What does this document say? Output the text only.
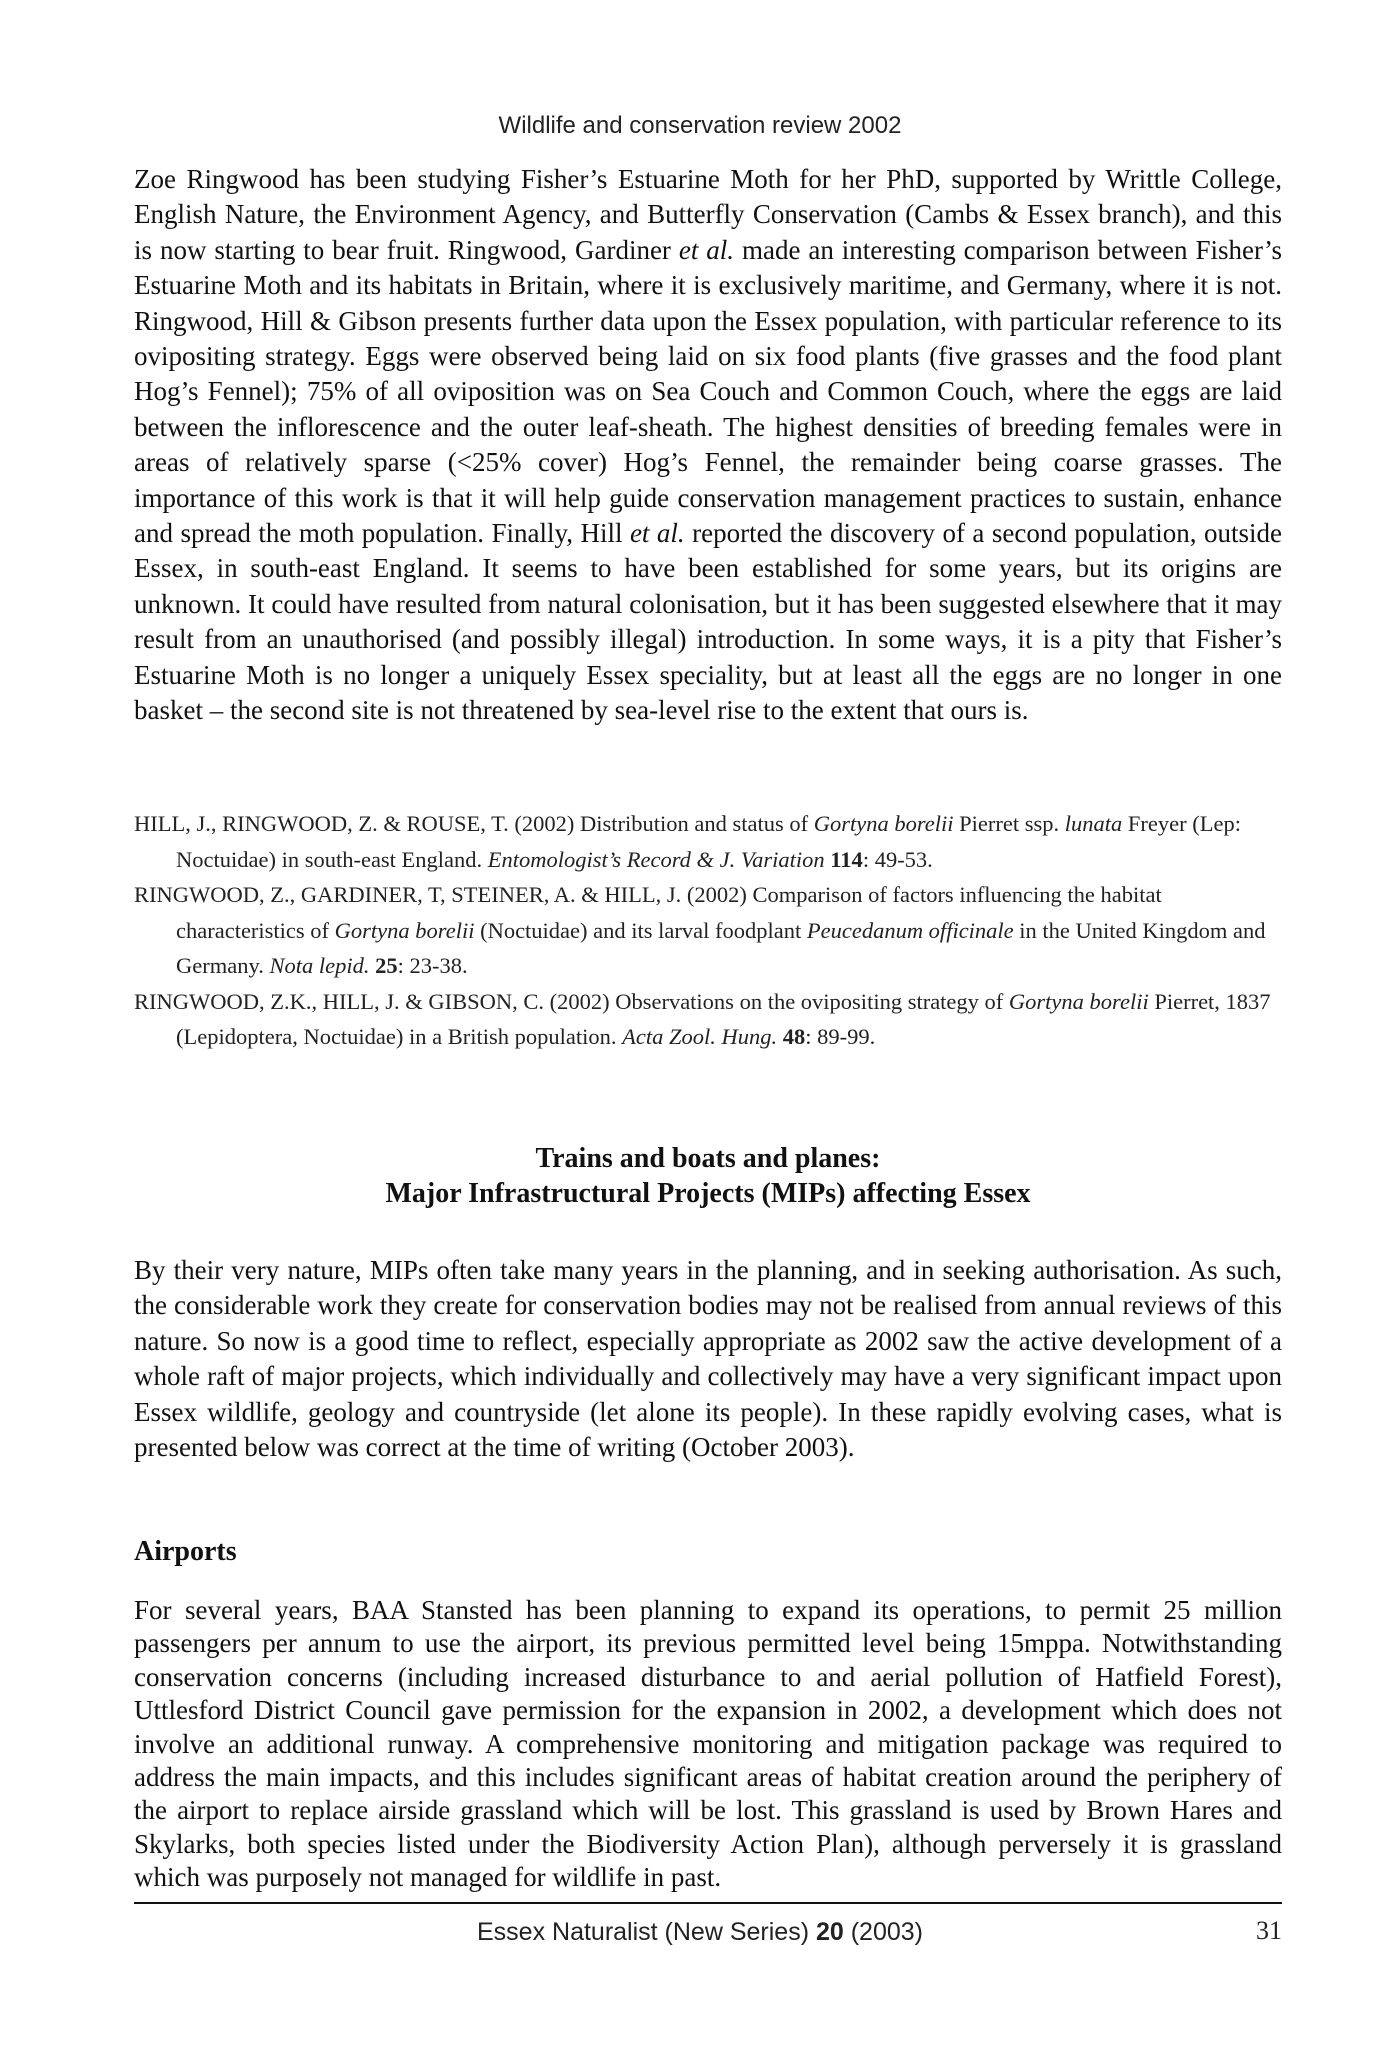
Wildlife and conservation review 2002

Zoe Ringwood has been studying Fisher’s Estuarine Moth for her PhD, supported by Writtle College, English Nature, the Environment Agency, and Butterfly Conservation (Cambs & Essex branch), and this is now starting to bear fruit. Ringwood, Gardiner et al. made an interesting comparison between Fisher’s Estuarine Moth and its habitats in Britain, where it is exclusively maritime, and Germany, where it is not. Ringwood, Hill & Gibson presents further data upon the Essex population, with particular reference to its ovipositing strategy. Eggs were observed being laid on six food plants (five grasses and the food plant Hog’s Fennel); 75% of all oviposition was on Sea Couch and Common Couch, where the eggs are laid between the inflorescence and the outer leaf-sheath. The highest densities of breeding females were in areas of relatively sparse (<25% cover) Hog’s Fennel, the remainder being coarse grasses. The importance of this work is that it will help guide conservation management practices to sustain, enhance and spread the moth population. Finally, Hill et al. reported the discovery of a second population, outside Essex, in south-east England. It seems to have been established for some years, but its origins are unknown. It could have resulted from natural colonisation, but it has been suggested elsewhere that it may result from an unauthorised (and possibly illegal) introduction. In some ways, it is a pity that Fisher’s Estuarine Moth is no longer a uniquely Essex speciality, but at least all the eggs are no longer in one basket – the second site is not threatened by sea-level rise to the extent that ours is.

HILL, J., RINGWOOD, Z. & ROUSE, T. (2002) Distribution and status of Gortyna borelii Pierret ssp. lunata Freyer (Lep: Noctuidae) in south-east England. Entomologist’s Record & J. Variation 114: 49-53.

RINGWOOD, Z., GARDINER, T, STEINER, A. & HILL, J. (2002) Comparison of factors influencing the habitat characteristics of Gortyna borelii (Noctuidae) and its larval foodplant Peucedanum officinale in the United Kingdom and Germany. Nota lepid. 25: 23-38.

RINGWOOD, Z.K., HILL, J. & GIBSON, C. (2002) Observations on the ovipositing strategy of Gortyna borelii Pierret, 1837 (Lepidoptera, Noctuidae) in a British population. Acta Zool. Hung. 48: 89-99.

Trains and boats and planes:
Major Infrastructural Projects (MIPs) affecting Essex

By their very nature, MIPs often take many years in the planning, and in seeking authorisation. As such, the considerable work they create for conservation bodies may not be realised from annual reviews of this nature. So now is a good time to reflect, especially appropriate as 2002 saw the active development of a whole raft of major projects, which individually and collectively may have a very significant impact upon Essex wildlife, geology and countryside (let alone its people). In these rapidly evolving cases, what is presented below was correct at the time of writing (October 2003).

Airports

For several years, BAA Stansted has been planning to expand its operations, to permit 25 million passengers per annum to use the airport, its previous permitted level being 15mppa. Notwithstanding conservation concerns (including increased disturbance to and aerial pollution of Hatfield Forest), Uttlesford District Council gave permission for the expansion in 2002, a development which does not involve an additional runway. A comprehensive monitoring and mitigation package was required to address the main impacts, and this includes significant areas of habitat creation around the periphery of the airport to replace airside grassland which will be lost. This grassland is used by Brown Hares and Skylarks, both species listed under the Biodiversity Action Plan), although perversely it is grassland which was purposely not managed for wildlife in past.

Essex Naturalist (New Series) 20 (2003)	31
